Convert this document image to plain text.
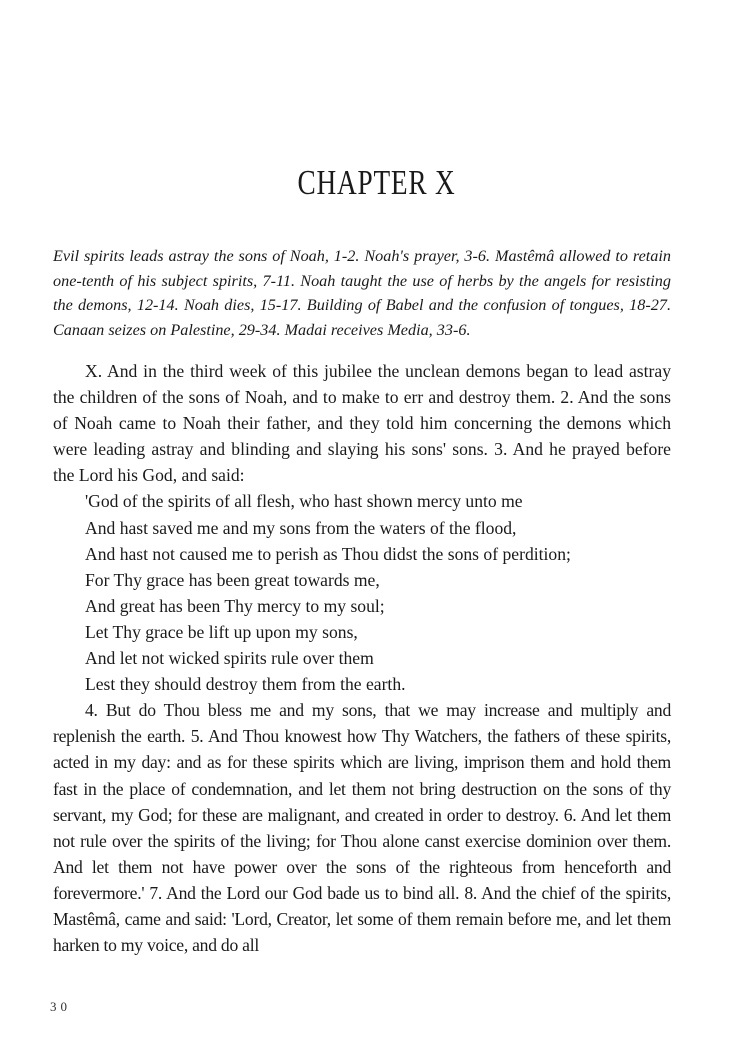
CHAPTER X

Evil spirits leads astray the sons of Noah, 1-2. Noah's prayer, 3-6. Mastêmâ allowed to retain one-tenth of his subject spirits, 7-11. Noah taught the use of herbs by the angels for resisting the demons, 12-14. Noah dies, 15-17. Building of Babel and the confusion of tongues, 18-27. Canaan seizes on Palestine, 29-34. Madai receives Media, 33-6.

X. And in the third week of this jubilee the unclean demons began to lead astray the children of the sons of Noah, and to make to err and destroy them. 2. And the sons of Noah came to Noah their father, and they told him concerning the demons which were leading astray and blinding and slaying his sons' sons. 3. And he prayed before the Lord his God, and said:

'God of the spirits of all flesh, who hast shown mercy unto me

And hast saved me and my sons from the waters of the flood,

And hast not caused me to perish as Thou didst the sons of perdition;

For Thy grace has been great towards me,

And great has been Thy mercy to my soul;

Let Thy grace be lift up upon my sons,

And let not wicked spirits rule over them

Lest they should destroy them from the earth.

4. But do Thou bless me and my sons, that we may increase and multiply and replenish the earth. 5. And Thou knowest how Thy Watchers, the fathers of these spirits, acted in my day: and as for these spirits which are living, imprison them and hold them fast in the place of condemnation, and let them not bring destruction on the sons of thy servant, my God; for these are malignant, and created in order to destroy. 6. And let them not rule over the spirits of the living; for Thou alone canst exercise dominion over them. And let them not have power over the sons of the righteous from henceforth and forevermore.' 7. And the Lord our God bade us to bind all. 8. And the chief of the spirits, Mastêmâ, came and said: 'Lord, Creator, let some of them remain before me, and let them harken to my voice, and do all

30
